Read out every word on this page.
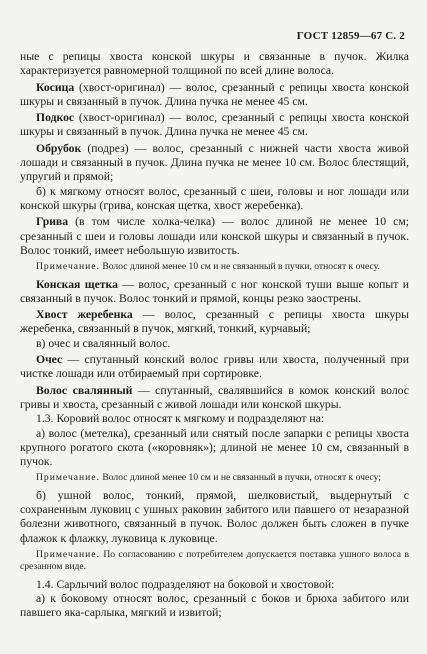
ГОСТ 12859—67 С. 2

ные с репицы хвоста конской шкуры и связанные в пучок. Жилка характеризуется равномерной толщиной по всей длине волоса.

Косица (хвост-оригинал) — волос, срезанный с репицы хвоста конской шкуры и связанный в пучок. Длина пучка не менее 45 см.

Подкос (хвост-оригинал) — волос, срезанный с репицы хвоста конской шкуры и связанный в пучок. Длина пучка не менее 45 см.

Обрубок (подрез) — волос, срезанный с нижней части хвоста живой лошади и связанный в пучок. Длина пучка не менее 10 см. Волос блестящий, упругий и прямой;

б) к мягкому относят волос, срезанный с шеи, головы и ног лошади или конской шкуры (грива, конская щетка, хвост жеребенка).

Грива (в том числе холка-челка) — волос длиной не менее 10 см; срезанный с шеи и головы лошади или конской шкуры и связанный в пучок. Волос тонкий, имеет небольшую извитость.

Примечание. Волос длиной менее 10 см и не связанный в пучки, относят к очесу.

Конская щетка — волос, срезанный с ног конской туши выше копыт и связанный в пучок. Волос тонкий и прямой, концы резко заострены.

Хвост жеребенка — волос, срезанный с репицы хвоста шкуры жеребенка, связанный в пучок, мягкий, тонкий, курчавый;

в) очес и свалянный волос.

Очес — спутанный конский волос гривы или хвоста, полученный при чистке лошади или отбираемый при сортировке.

Волос свалянный — спутанный, свалявшийся в комок конский волос гривы и хвоста, срезанный с живой лошади или конской шкуры.

1.3. Коровий волос относят к мягкому и подразделяют на:

а) волос (метелка), срезанный или снятый после запарки с репицы хвоста крупного рогатого скота («коровняк»); длиной не менее 10 см, связанный в пучок.

Примечание. Волос длиной менее 10 см и не связанный в пучки, относят к очесу;

б) ушной волос, тонкий, прямой, шелковистый, выдернутый с сохраненным луковиц с ушных раковин забитого или павшего от незаразной болезни животного, связанный в пучок. Волос должен быть сложен в пучке флажок к флажку, луковица к луковице.

Примечание. По согласованию с потребителем допускается поставка ушного волоса в срезанном виде.

1.4. Сарлычий волос подразделяют на боковой и хвостовой:

а) к боковому относят волос, срезанный с боков и брюха забитого или павшего яка-сарлыка, мягкий и извитой;
